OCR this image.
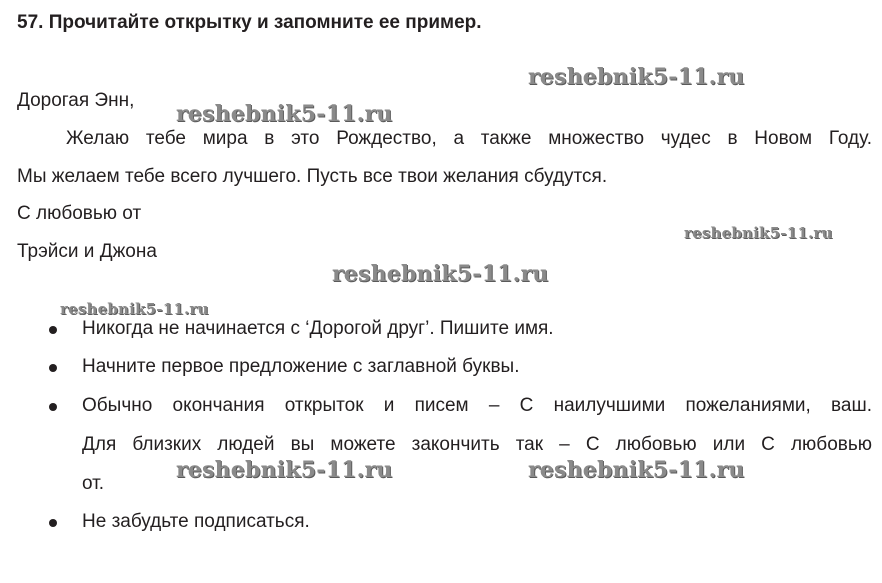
57. Прочитайте открытку и запомните ее пример.
Дорогая Энн,
Желаю тебе мира в это Рождество, а также множество чудес в Новом Году.
Мы желаем тебе всего лучшего. Пусть все твои желания сбудутся.
С любовью от
Трэйси и Джона
Никогда не начинается с ‘Дорогой друг’. Пишите имя.
Начните первое предложение с заглавной буквы.
Обычно окончания открыток и писем – С наилучшими пожеланиями, ваш.
Для близких людей вы можете закончить так – С любовью или С любовью
от.
Не забудьте подписаться.
reshebnik5-11.ru
reshebnik5-11.ru
reshebnik5-11.ru
reshebnik5-11.ru
reshebnik5-11.ru
reshebnik5-11.ru	reshebnik5-11.ru
